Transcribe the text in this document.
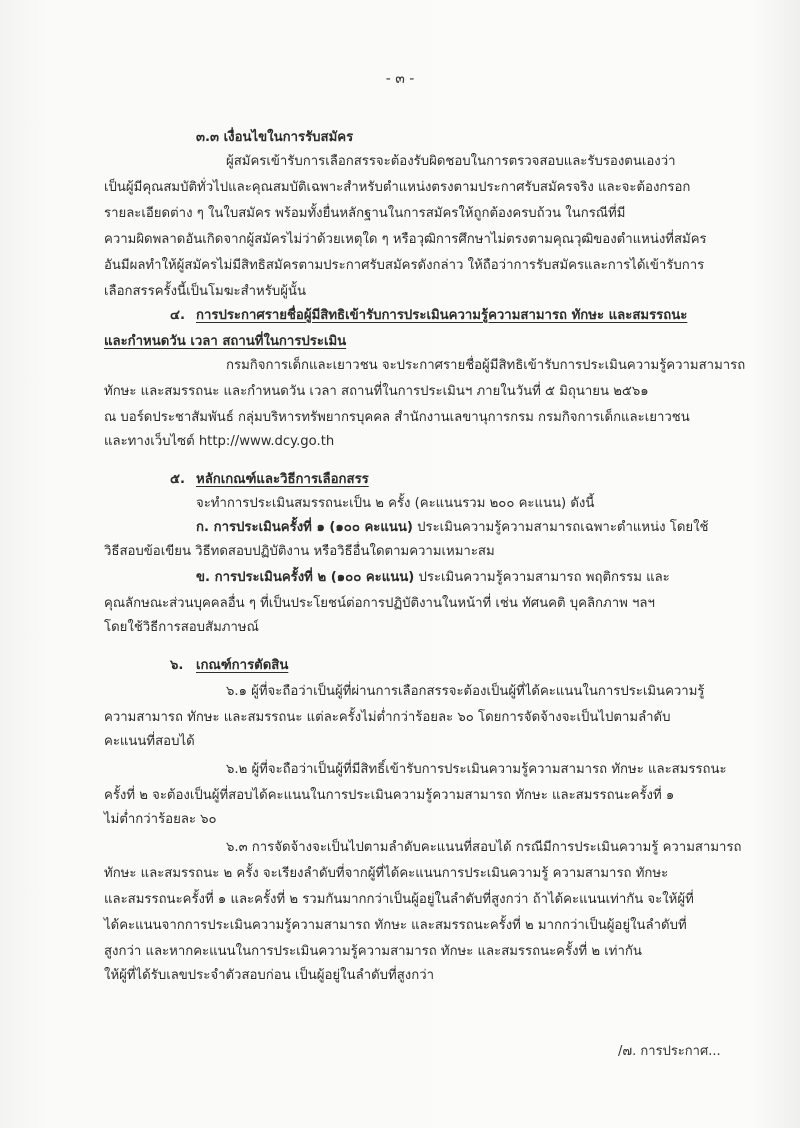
- ๓ -
๓.๓ เงื่อนไขในการรับสมัคร
ผู้สมัครเข้ารับการเลือกสรรจะต้องรับผิดชอบในการตรวจสอบและรับรองตนเองว่า
เป็นผู้มีคุณสมบัติทั่วไปและคุณสมบัติเฉพาะสำหรับตำแหน่งตรงตามประกาศรับสมัครจริง และจะต้องกรอก
รายละเอียดต่าง ๆ ในใบสมัคร พร้อมทั้งยื่นหลักฐานในการสมัครให้ถูกต้องครบถ้วน ในกรณีที่มี
ความผิดพลาดอันเกิดจากผู้สมัครไม่ว่าด้วยเหตุใด ๆ หรือวุฒิการศึกษาไม่ตรงตามคุณวุฒิของตำแหน่งที่สมัคร
อันมีผลทำให้ผู้สมัครไม่มีสิทธิสมัครตามประกาศรับสมัครดังกล่าว ให้ถือว่าการรับสมัครและการได้เข้ารับการ
เลือกสรรครั้งนี้เป็นโมฆะสำหรับผู้นั้น
๔. การประกาศรายชื่อผู้มีสิทธิเข้ารับการประเมินความรู้ความสามารถ ทักษะ และสมรรถนะ
และกำหนดวัน เวลา สถานที่ในการประเมิน
กรมกิจการเด็กและเยาวชน จะประกาศรายชื่อผู้มีสิทธิเข้ารับการประเมินความรู้ความสามารถ
ทักษะ และสมรรถนะ และกำหนดวัน เวลา สถานที่ในการประเมินฯ ภายในวันที่ ๕ มิถุนายน ๒๕๖๑
ณ บอร์ดประชาสัมพันธ์ กลุ่มบริหารทรัพยากรบุคคล สำนักงานเลขานุการกรม กรมกิจการเด็กและเยาวชน
และทางเว็บไซต์ http://www.dcy.go.th
๕. หลักเกณฑ์และวิธีการเลือกสรร
จะทำการประเมินสมรรถนะเป็น ๒ ครั้ง (คะแนนรวม ๒๐๐ คะแนน) ดังนี้
ก. การประเมินครั้งที่ ๑ (๑๐๐ คะแนน) ประเมินความรู้ความสามารถเฉพาะตำแหน่ง โดยใช้
วิธีสอบข้อเขียน วิธีทดสอบปฏิบัติงาน หรือวิธีอื่นใดตามความเหมาะสม
ข. การประเมินครั้งที่ ๒ (๑๐๐ คะแนน) ประเมินความรู้ความสามารถ พฤติกรรม และ
คุณลักษณะส่วนบุคคลอื่น ๆ ที่เป็นประโยชน์ต่อการปฏิบัติงานในหน้าที่ เช่น ทัศนคติ บุคลิกภาพ ฯลฯ
โดยใช้วิธีการสอบสัมภาษณ์
๖. เกณฑ์การตัดสิน
๖.๑ ผู้ที่จะถือว่าเป็นผู้ที่ผ่านการเลือกสรรจะต้องเป็นผู้ที่ได้คะแนนในการประเมินความรู้
ความสามารถ ทักษะ และสมรรถนะ แต่ละครั้งไม่ต่ำกว่าร้อยละ ๖๐ โดยการจัดจ้างจะเป็นไปตามลำดับ
คะแนนที่สอบได้
๖.๒ ผู้ที่จะถือว่าเป็นผู้ที่มีสิทธิ์เข้ารับการประเมินความรู้ความสามารถ ทักษะ และสมรรถนะ
ครั้งที่ ๒ จะต้องเป็นผู้ที่สอบได้คะแนนในการประเมินความรู้ความสามารถ ทักษะ และสมรรถนะครั้งที่ ๑
ไม่ต่ำกว่าร้อยละ ๖๐
๖.๓ การจัดจ้างจะเป็นไปตามลำดับคะแนนที่สอบได้ กรณีมีการประเมินความรู้ ความสามารถ
ทักษะ และสมรรถนะ ๒ ครั้ง จะเรียงลำดับที่จากผู้ที่ได้คะแนนการประเมินความรู้ ความสามารถ ทักษะ
และสมรรถนะครั้งที่ ๑ และครั้งที่ ๒ รวมกันมากกว่าเป็นผู้อยู่ในลำดับที่สูงกว่า ถ้าได้คะแนนเท่ากัน จะให้ผู้ที่
ได้คะแนนจากการประเมินความรู้ความสามารถ ทักษะ และสมรรถนะครั้งที่ ๒ มากกว่าเป็นผู้อยู่ในลำดับที่
สูงกว่า และหากคะแนนในการประเมินความรู้ความสามารถ ทักษะ และสมรรถนะครั้งที่ ๒ เท่ากัน
ให้ผู้ที่ได้รับเลขประจำตัวสอบก่อน เป็นผู้อยู่ในลำดับที่สูงกว่า
/๗. การประกาศ...
